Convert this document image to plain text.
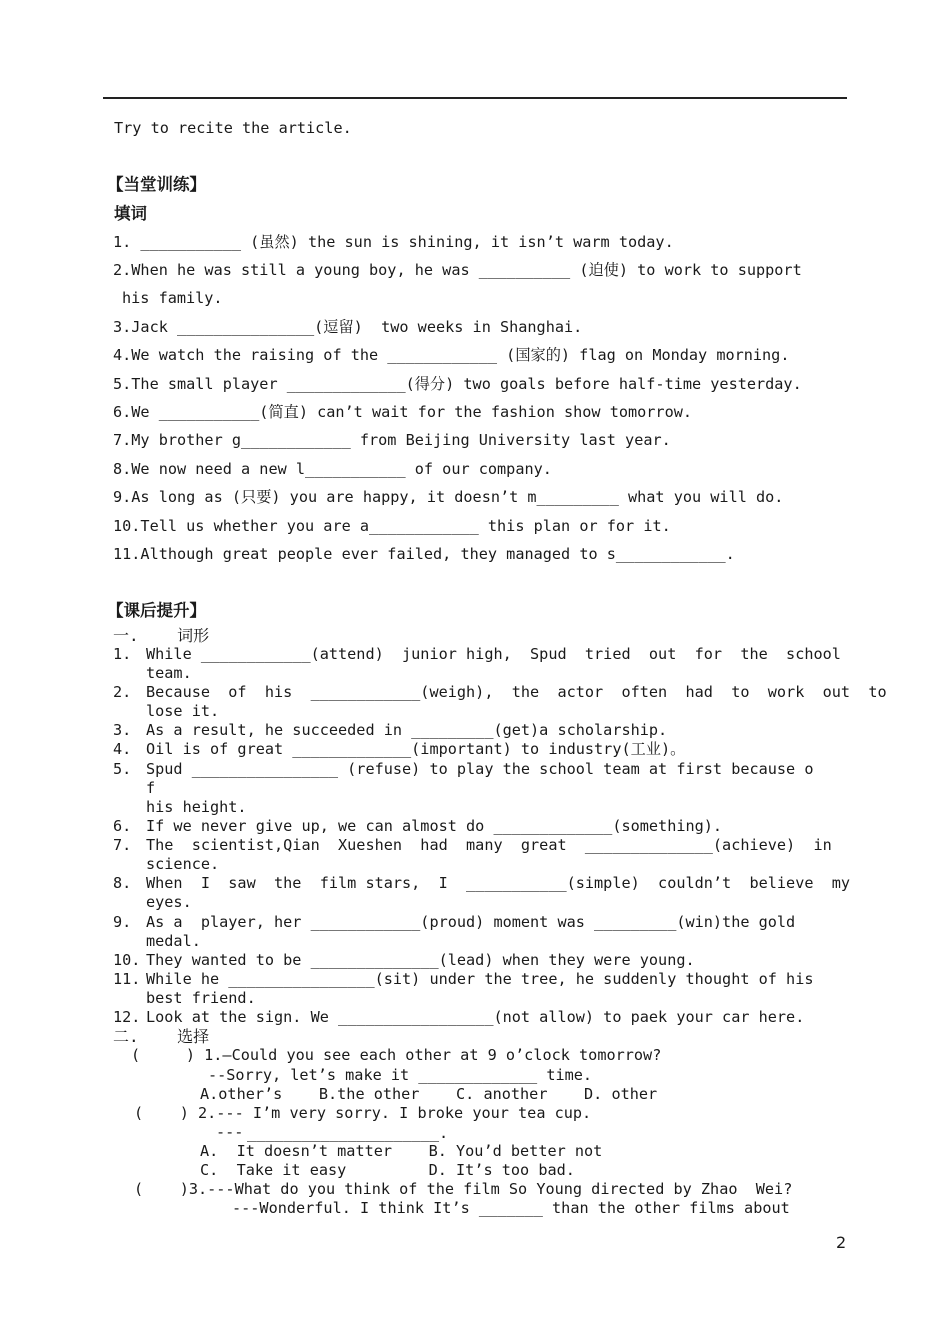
Try to recite the article.
【当堂训练】
填词
1. ___________ (虽然) the sun is shining, it isn’t warm today.
2.When he was still a young boy, he was __________ (迫使) to work to support
his family.
3.Jack _______________(逗留)  two weeks in Shanghai.
4.We watch the raising of the ____________ (国家的) flag on Monday morning.
5.The small player _____________(得分) two goals before half-time yesterday.
6.We ___________(简直) can’t wait for the fashion show tomorrow.
7.My brother g____________ from Beijing University last year.
8.We now need a new l___________ of our company.
9.As long as (只要) you are happy, it doesn’t m_________ what you will do.
10.Tell us whether you are a____________ this plan or for it.
11.Although great people ever failed, they managed to s____________.
【课后提升】
一.    词形
1. While ____________(attend)  junior high,  Spud  tried  out  for  the  school
team.
2. Because  of  his  ____________(weigh),  the  actor  often  had  to  work  out  to
lose it.
3. As a result, he succeeded in _________(get)a scholarship.
4. Oil is of great _____________(important) to industry(工业)。
5. Spud ________________ (refuse) to play the school team at first because o
f
his height.
6. If we never give up, we can almost do _____________(something).
7. The  scientist,Qian  Xueshen  had  many  great  ______________(achieve)  in
science.
8. When  I  saw  the  film stars,  I  ___________(simple)  couldn’t  believe  my
eyes.
9. As a  player, her ____________(proud) moment was _________(win)the gold
medal.
10. They wanted to be ______________(lead) when they were young.
11. While he ________________(sit) under the tree, he suddenly thought of his
best friend.
12. Look at the sign. We _________________(not allow) to paek your car here.
二.    选择
(     ) 1.—Could you see each other at 9 o’clock tomorrow?
--Sorry, let’s make it _____________ time.
A.other’s    B.the other    C. another    D. other
(    ) 2.--- I’m very sorry. I broke your tea cup.
--- _____________________.
A.  It doesn’t matter    B. You’d better not
C.  Take it easy         D. It’s too bad.
(    )3.---What do you think of the film So Young directed by Zhao  Wei?
---Wonderful. I think It’s _______ than the other films about
2
